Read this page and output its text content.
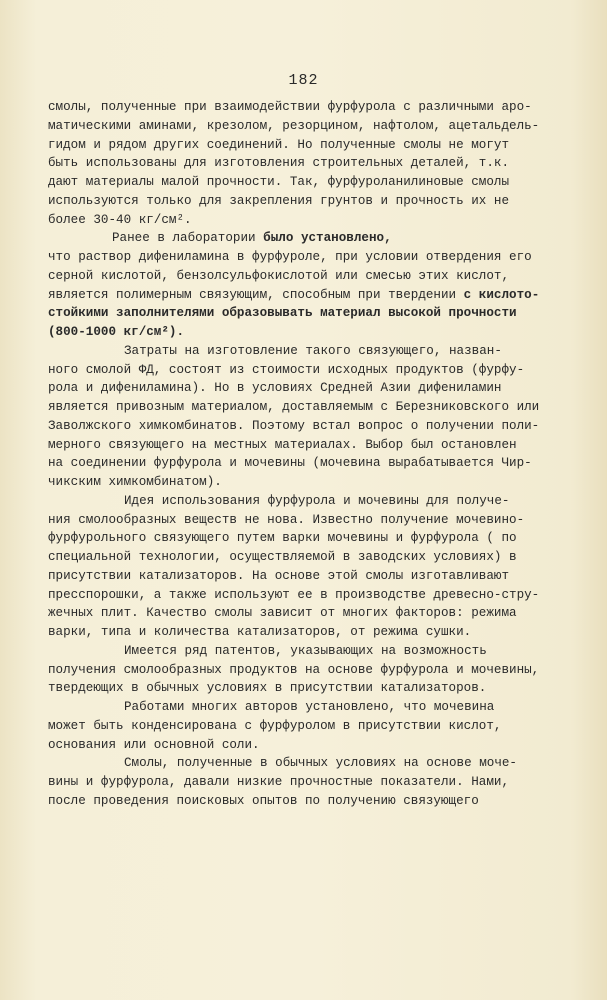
182
смолы, полученные при взаимодействии фурфурола с различными аро-
матическими аминами, крезолом, резорцином, нафтолом, ацетальдель-
гидом и рядом других соединений. Но полученные смолы не могут
быть использованы для изготовления строительных деталей, т.к.
дают материалы малой прочности. Так, фурфуроланилиновые смолы
используются только для закрепления грунтов и прочность их не
более 30-40 кг/см².
Ранее в лаборатории было установлено,
что раствор дифениламина в фурфуроле, при условии отвердения его
серной кислотой, бензолсульфокислотой или смесью этих кислот,
является полимерным связующим, способным при твердении с кислото-
стойкими заполнителями образовывать материал высокой прочности
(800-1000 кг/см²).
Затраты на изготовление такого связующего, назван-
ного смолой ФД, состоят из стоимости исходных продуктов (фурфу-
рола и дифениламина). Но в условиях Средней Азии дифениламин
является привозным материалом, доставляемым с Березниковского или
Заволжского химкомбинатов. Поэтому встал вопрос о получении поли-
мерного связующего на местных материалах. Выбор был остановлен
на соединении фурфурола и мочевины (мочевина вырабатывается Чир-
чикским химкомбинатом).
Идея использования фурфурола и мочевины для получе-
ния смолообразных веществ не нова. Известно получение мочевино-
фурфурольного связующего путем варки мочевины и фурфурола ( по
специальной технологии, осуществляемой в заводских условиях) в
присутствии катализаторов. На основе этой смолы изготавливают
пресспорошки, а также используют ее в производстве древесно-стру-
жечных плит. Качество смолы зависит от многих факторов: режима
варки, типа и количества катализаторов, от режима сушки.
Имеется ряд патентов, указывающих на возможность
получения смолообразных продуктов на основе фурфурола и мочевины,
твердеющих в обычных условиях в присутствии катализаторов.
Работами многих авторов установлено, что мочевина
может быть конденсирована с фурфуролом в присутствии кислот,
основания или основной соли.
Смолы, полученные в обычных условиях на основе моче-
вины и фурфурола, давали низкие прочностные показатели. Нами,
после проведения поисковых опытов по получению связующего
